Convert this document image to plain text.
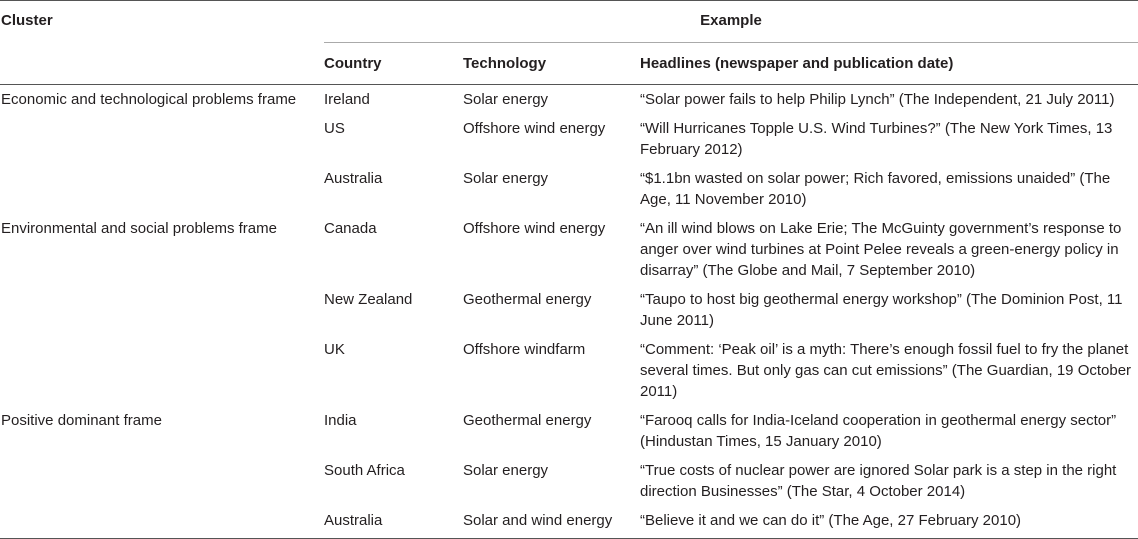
Cluster	Example		
	Country	Technology	Headlines (newspaper and publication date)
Economic and technological problems frame	Ireland	Solar energy	“Solar power fails to help Philip Lynch” (The Independent, 21 July 2011)
	US	Offshore wind energy	“Will Hurricanes Topple U.S. Wind Turbines?” (The New York Times, 13 February 2012)
	Australia	Solar energy	“$1.1bn wasted on solar power; Rich favored, emissions unaided” (The Age, 11 November 2010)
Environmental and social problems frame	Canada	Offshore wind energy	“An ill wind blows on Lake Erie; The McGuinty government’s response to anger over wind turbines at Point Pelee reveals a green-energy policy in disarray” (The Globe and Mail, 7 September 2010)
	New Zealand	Geothermal energy	“Taupo to host big geothermal energy workshop” (The Dominion Post, 11 June 2011)
	UK	Offshore windfarm	“Comment: ‘Peak oil’ is a myth: There’s enough fossil fuel to fry the planet several times. But only gas can cut emissions” (The Guardian, 19 October 2011)
Positive dominant frame	India	Geothermal energy	“Farooq calls for India-Iceland cooperation in geothermal energy sector” (Hindustan Times, 15 January 2010)
	South Africa	Solar energy	“True costs of nuclear power are ignored Solar park is a step in the right direction Businesses” (The Star, 4 October 2014)
	Australia	Solar and wind energy	“Believe it and we can do it” (The Age, 27 February 2010)
